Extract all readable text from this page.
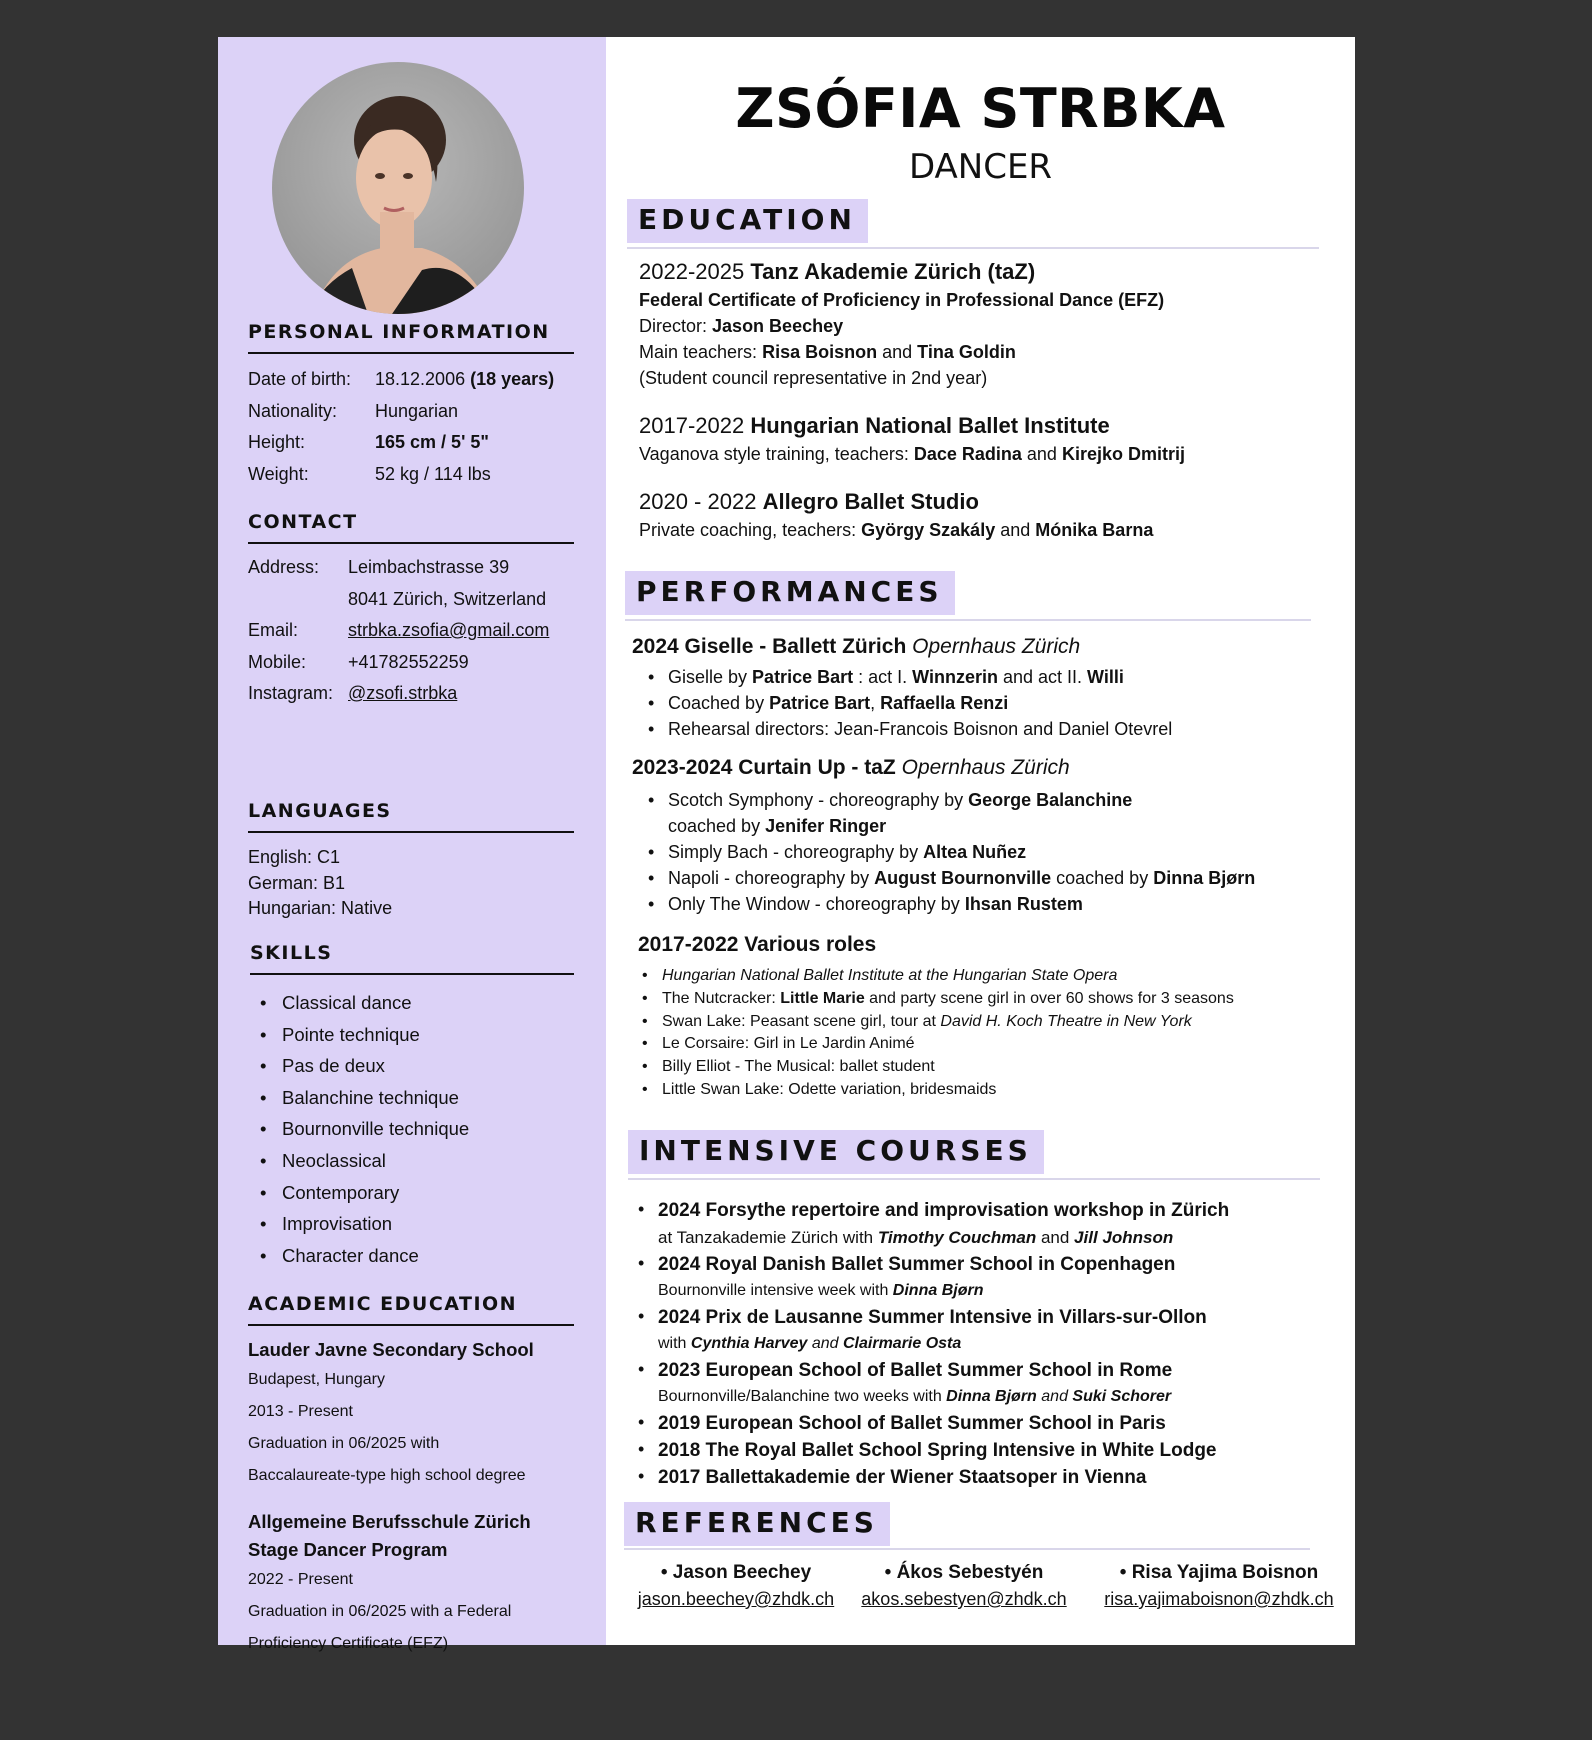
PERSONAL INFORMATION
Date of birth:	18.12.2006 (18 years)
Nationality:	Hungarian
Height:	165 cm / 5' 5"
Weight:	52 kg / 114 lbs
CONTACT
Address:	Leimbachstrasse 39
8041 Zürich, Switzerland
Email:	strbka.zsofia@gmail.com
Mobile:	+41782552259
Instagram: @zsofi.strbka
LANGUAGES
English: C1
German: B1
Hungarian: Native
SKILLS
• Classical dance
• Pointe technique
• Pas de deux
• Balanchine technique
• Bournonville technique
• Neoclassical
• Contemporary
• Improvisation
• Character dance
ACADEMIC EDUCATION
Lauder Javne Secondary School
Budapest, Hungary
2013 - Present
Graduation in 06/2025 with
Baccalaureate-type high school degree
Allgemeine Berufsschule Zürich Stage Dancer Program
2022 - Present
Graduation in 06/2025 with a Federal
Proficiency Certificate (EFZ)
ZSÓFIA STRBKA
DANCER
EDUCATION
2022-2025 Tanz Akademie Zürich (taZ)
Federal Certificate of Proficiency in Professional Dance (EFZ)
Director: Jason Beechey
Main teachers: Risa Boisnon and Tina Goldin
(Student council representative in 2nd year)
2017-2022 Hungarian National Ballet Institute
Vaganova style training, teachers: Dace Radina and Kirejko Dmitrij
2020 - 2022 Allegro Ballet Studio
Private coaching, teachers: György Szakály and Mónika Barna
PERFORMANCES
2024 Giselle - Ballett Zürich Opernhaus Zürich
• Giselle by Patrice Bart : act I. Winnzerin and act II. Willi
• Coached by Patrice Bart, Raffaella Renzi
• Rehearsal directors: Jean-Francois Boisnon and Daniel Otevrel
2023-2024 Curtain Up - taZ Opernhaus Zürich
• Scotch Symphony - choreography by George Balanchine
coached by Jenifer Ringer
• Simply Bach - choreography by Altea Nuñez
• Napoli - choreography by August Bournonville coached by Dinna Bjørn
• Only The Window - choreography by Ihsan Rustem
2017-2022 Various roles
• Hungarian National Ballet Institute at the Hungarian State Opera
• The Nutcracker: Little Marie and party scene girl in over 60 shows for 3 seasons
• Swan Lake: Peasant scene girl, tour at David H. Koch Theatre in New York
• Le Corsaire: Girl in Le Jardin Animé
• Billy Elliot - The Musical: ballet student
• Little Swan Lake: Odette variation, bridesmaids
INTENSIVE COURSES
• 2024 Forsythe repertoire and improvisation workshop in Zürich
at Tanzakademie Zürich with Timothy Couchman and Jill Johnson
• 2024 Royal Danish Ballet Summer School in Copenhagen
Bournonville intensive week with Dinna Bjørn
• 2024 Prix de Lausanne Summer Intensive in Villars-sur-Ollon
with Cynthia Harvey and Clairmarie Osta
• 2023 European School of Ballet Summer School in Rome
Bournonville/Balanchine two weeks with Dinna Bjørn and Suki Schorer
• 2019 European School of Ballet Summer School in Paris
• 2018 The Royal Ballet School Spring Intensive in White Lodge
• 2017 Ballettakademie der Wiener Staatsoper in Vienna
REFERENCES
• Jason Beechey
jason.beechey@zhdk.ch
• Ákos Sebestyén
akos.sebestyen@zhdk.ch
• Risa Yajima Boisnon
risa.yajimaboisnon@zhdk.ch
